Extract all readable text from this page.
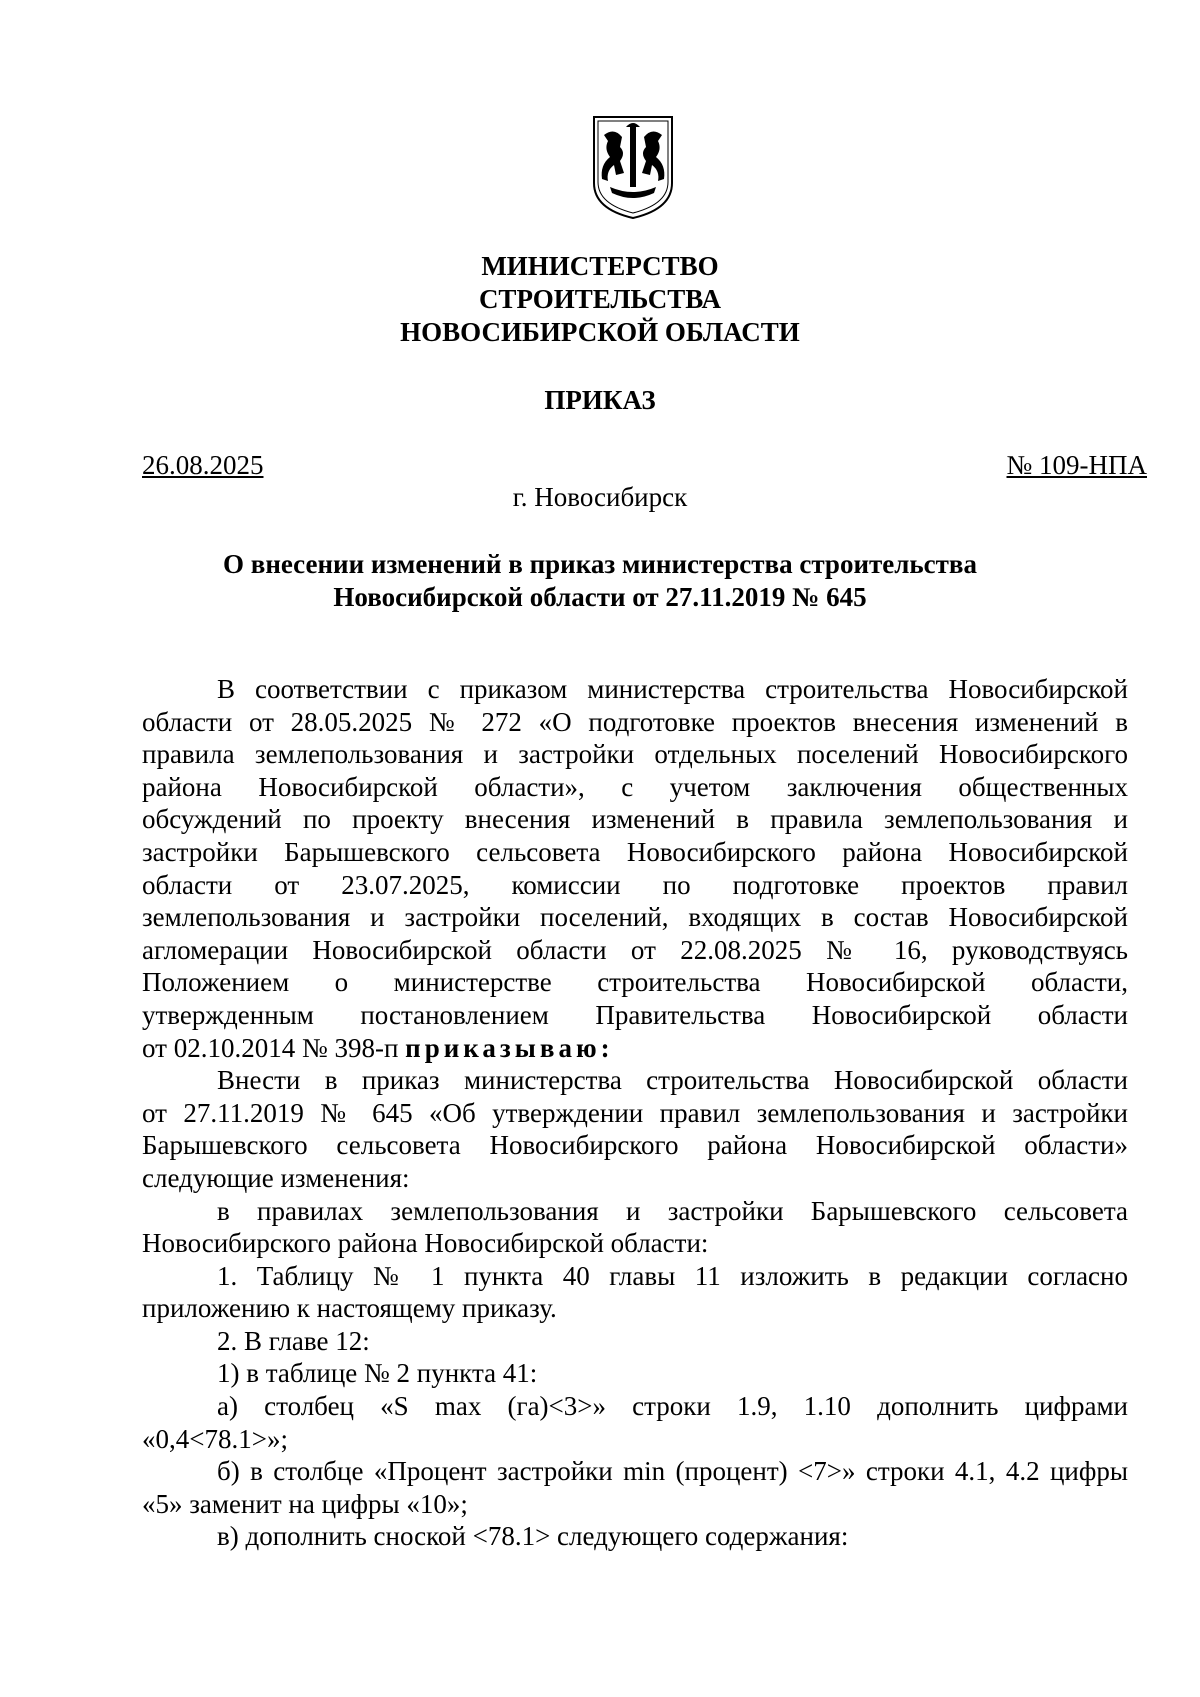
МИНИСТЕРСТВО
СТРОИТЕЛЬСТВА
НОВОСИБИРСКОЙ ОБЛАСТИ
ПРИКАЗ
26.08.2025	№ 109-НПА
г. Новосибирск
О внесении изменений в приказ министерства строительства
Новосибирской области от 27.11.2019 № 645
В соответствии с приказом министерства строительства Новосибирской
области от 28.05.2025 № 272 «О подготовке проектов внесения изменений в
правила землепользования и застройки отдельных поселений Новосибирского
района Новосибирской области», с учетом заключения общественных
обсуждений по проекту внесения изменений в правила землепользования и
застройки Барышевского сельсовета Новосибирского района Новосибирской
области от 23.07.2025, комиссии по подготовке проектов правил
землепользования и застройки поселений, входящих в состав Новосибирской
агломерации Новосибирской области от 22.08.2025 № 16, руководствуясь
Положением о министерстве строительства Новосибирской области,
утвержденным постановлением Правительства Новосибирской области
от 02.10.2014 № 398-п приказываю:
Внести в приказ министерства строительства Новосибирской области
от 27.11.2019 № 645 «Об утверждении правил землепользования и застройки
Барышевского сельсовета Новосибирского района Новосибирской области»
следующие изменения:
в правилах землепользования и застройки Барышевского сельсовета
Новосибирского района Новосибирской области:
1. Таблицу № 1 пункта 40 главы 11 изложить в редакции согласно
приложению к настоящему приказу.
2. В главе 12:
1) в таблице № 2 пункта 41:
а) столбец «S max (га)<3>» строки 1.9, 1.10 дополнить цифрами
«0,4<78.1>»;
б) в столбце «Процент застройки min (процент) <7>» строки 4.1, 4.2 цифры
«5» заменит на цифры «10»;
в) дополнить сноской <78.1> следующего содержания:
